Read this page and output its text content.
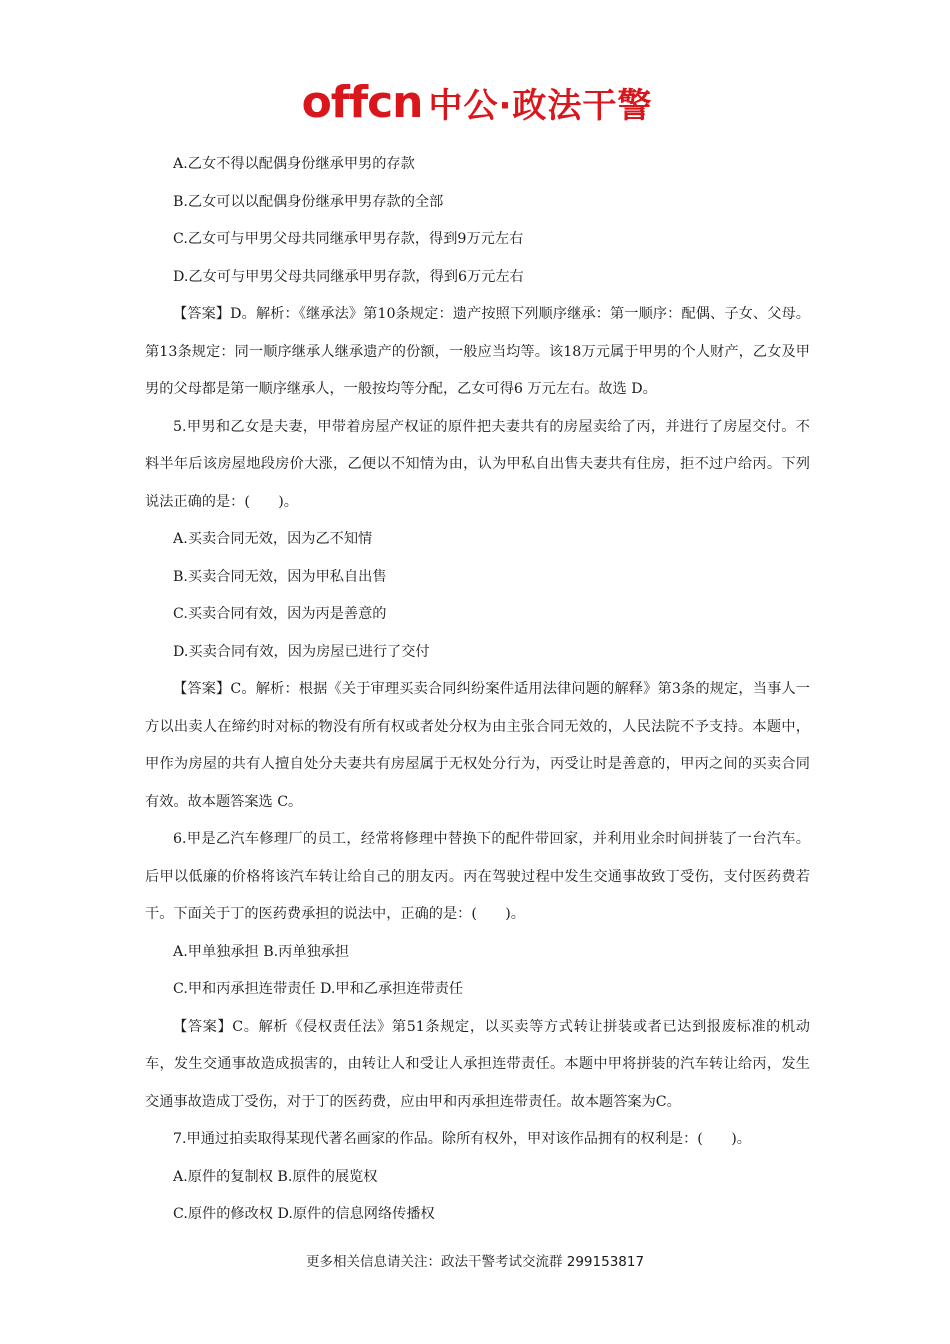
offcn 中公·政法干警

A.乙女不得以配偶身份继承甲男的存款

B.乙女可以以配偶身份继承甲男存款的全部

C.乙女可与甲男父母共同继承甲男存款，得到9万元左右

D.乙女可与甲男父母共同继承甲男存款，得到6万元左右

【答案】D。解析：《继承法》第10条规定：遗产按照下列顺序继承：第一顺序：配偶、子女、父母。第13条规定：同一顺序继承人继承遗产的份额，一般应当均等。该18万元属于甲男的个人财产，乙女及甲男的父母都是第一顺序继承人，一般按均等分配，乙女可得6 万元左右。故选 D。

5.甲男和乙女是夫妻，甲带着房屋产权证的原件把夫妻共有的房屋卖给了丙，并进行了房屋交付。不料半年后该房屋地段房价大涨，乙便以不知情为由，认为甲私自出售夫妻共有住房，拒不过户给丙。下列说法正确的是：(　　)。

A.买卖合同无效，因为乙不知情

B.买卖合同无效，因为甲私自出售

C.买卖合同有效，因为丙是善意的

D.买卖合同有效，因为房屋已进行了交付

【答案】C。解析：根据《关于审理买卖合同纠纷案件适用法律问题的解释》第3条的规定，当事人一方以出卖人在缔约时对标的物没有所有权或者处分权为由主张合同无效的，人民法院不予支持。本题中，甲作为房屋的共有人擅自处分夫妻共有房屋属于无权处分行为，丙受让时是善意的，甲丙之间的买卖合同有效。故本题答案选 C。

6.甲是乙汽车修理厂的员工，经常将修理中替换下的配件带回家，并利用业余时间拼装了一台汽车。后甲以低廉的价格将该汽车转让给自己的朋友丙。丙在驾驶过程中发生交通事故致丁受伤，支付医药费若干。下面关于丁的医药费承担的说法中，正确的是：(　　)。

A.甲单独承担 B.丙单独承担

C.甲和丙承担连带责任 D.甲和乙承担连带责任

【答案】C。解析《侵权责任法》第51条规定，以买卖等方式转让拼装或者已达到报废标准的机动车，发生交通事故造成损害的，由转让人和受让人承担连带责任。本题中甲将拼装的汽车转让给丙，发生交通事故造成丁受伤，对于丁的医药费，应由甲和丙承担连带责任。故本题答案为C。

7.甲通过拍卖取得某现代著名画家的作品。除所有权外，甲对该作品拥有的权利是：(　　)。

A.原件的复制权 B.原件的展览权

C.原件的修改权 D.原件的信息网络传播权

更多相关信息请关注：政法干警考试交流群 299153817
